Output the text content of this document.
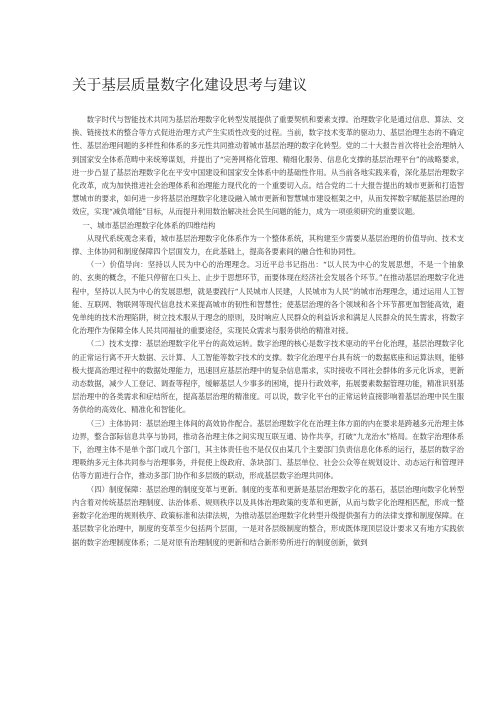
关于基层质量数字化建设思考与建议

数字时代与智能技术共同为基层治理数字化转型发展提供了重要契机和要素支撑。治理数字化是通过信息、算法、交换、链接技术的整合等方式促进治理方式产生实质性改变的过程。当前，数字技术变革的驱动力、基层治理生态的不确定性、基层治理问题的多样性和体系的多元性共同推动着城市基层治理的数字化转型。党的二十大报告首次将社会治理纳入到国家安全体系范畴中来统筹谋划，并提出了“完善网格化管理、精细化服务、信息化支撑的基层治理平台”的战略要求，进一步凸显了基层治理数字化在平安中国建设和国家安全体系中的基础性作用。从当前各地实践来看，深化基层治理数字化改革，成为加快推进社会治理体系和治理能力现代化的一个重要切入点。结合党的二十大报告提出的城市更新和打造智慧城市的要求，如何进一步将基层治理数字化建设融入城市更新和智慧城市建设框架之中，从而发挥数字赋能基层治理的效应，实现“减负增能”目标，从而提升利用数治解决社会民生问题的能力，成为一项亟须研究的重要议题。

一、城市基层治理数字化体系的四维结构

从现代系统观念来看，城市基层治理数字化体系作为一个整体系统，其构建至少需要从基层治理的价值导向、技术支撑、主体协同和制度保障四个层面发力，在此基础上，提高各要素间的融合性和协同性。

（一）价值导向：坚持以人民为中心的治理理念。习近平总书记指出：“以人民为中心的发展思想，不是一个抽象的、玄奥的概念，不能只停留在口头上、止步于思想环节，而要体现在经济社会发展各个环节。”在推动基层治理数字化进程中，坚持以人民为中心的发展思想，就是要践行“人民城市人民建，人民城市为人民”的城市治理理念，通过运用人工智能、互联网、物联网等现代信息技术来提高城市的韧性和智慧性；使基层治理的各个领域和各个环节都更加智能高效，避免单纯的技术治理陷阱，树立技术服从于理念的原则，及时响应人民群众的利益诉求和满足人民群众的民生需求，将数字化治理作为保障全体人民共同福祉的重要途径，实现民众需求与服务供给的精准对接。

（二）技术支撑：基层治理数字化平台的高效运转。数字治理的核心是数字技术驱动的平台化治理，基层治理数字化的正常运行离不开大数据、云计算、人工智能等数字技术的支撑。数字化治理平台具有统一的数据底座和运算法则，能够极大提高治理过程中的数据处理能力，迅速回应基层治理中的复杂信息需求，实时接收不同社会群体的多元化诉求，更新动态数据，减少人工登记、调查等程序，缓解基层人少事多的困境，提升行政效率，拓展要素数据管理功能，精准识别基层治理中的各类需求和症结所在，提高基层治理的精准度。可以说，数字化平台的正常运转直接影响着基层治理中民生服务供给的高效化、精准化和智能化。

（三）主体协同：基层治理主体间的高效协作配合。基层治理数字化在治理主体方面的内在要求是跨越多元治理主体边界，整合部际信息共享与协同，推动各治理主体之间实现互联互通、协作共享，打破“九龙治水”格局。在数字治理体系下，治理主体不是单个部门或几个部门，其主体责任也不是仅仅由某几个主要部门负责信息化体系的运行，基层的数字治理吸纳多元主体共同参与治理事务，并促使上级政府、条块部门、基层单位、社会公众等在规划设计、动态运行和管理评估等方面进行合作，推动多部门协作和多层级的联动，形成基层数字治理共同体。

（四）制度保障：基层治理的制度变革与更新。制度的变革和更新是基层治理数字化的基石，基层治理向数字化转型内含着对传统基层治理制度、法治体系、规则秩序以及具体治理政策的变革和更新，从而与数字化治理相匹配，形成一整套数字化治理的规则秩序、政策标准和法律法规，为推动基层治理数字化转型升级提供强有力的法律支撑和制度保障。在基层数字化治理中，制度的变革至少包括两个层面，一是对各层级制度的整合，形成既体现顶层设计要求又有地方实践依据的数字治理制度体系；二是对原有治理制度的更新和结合新形势所进行的制度创新，做到
